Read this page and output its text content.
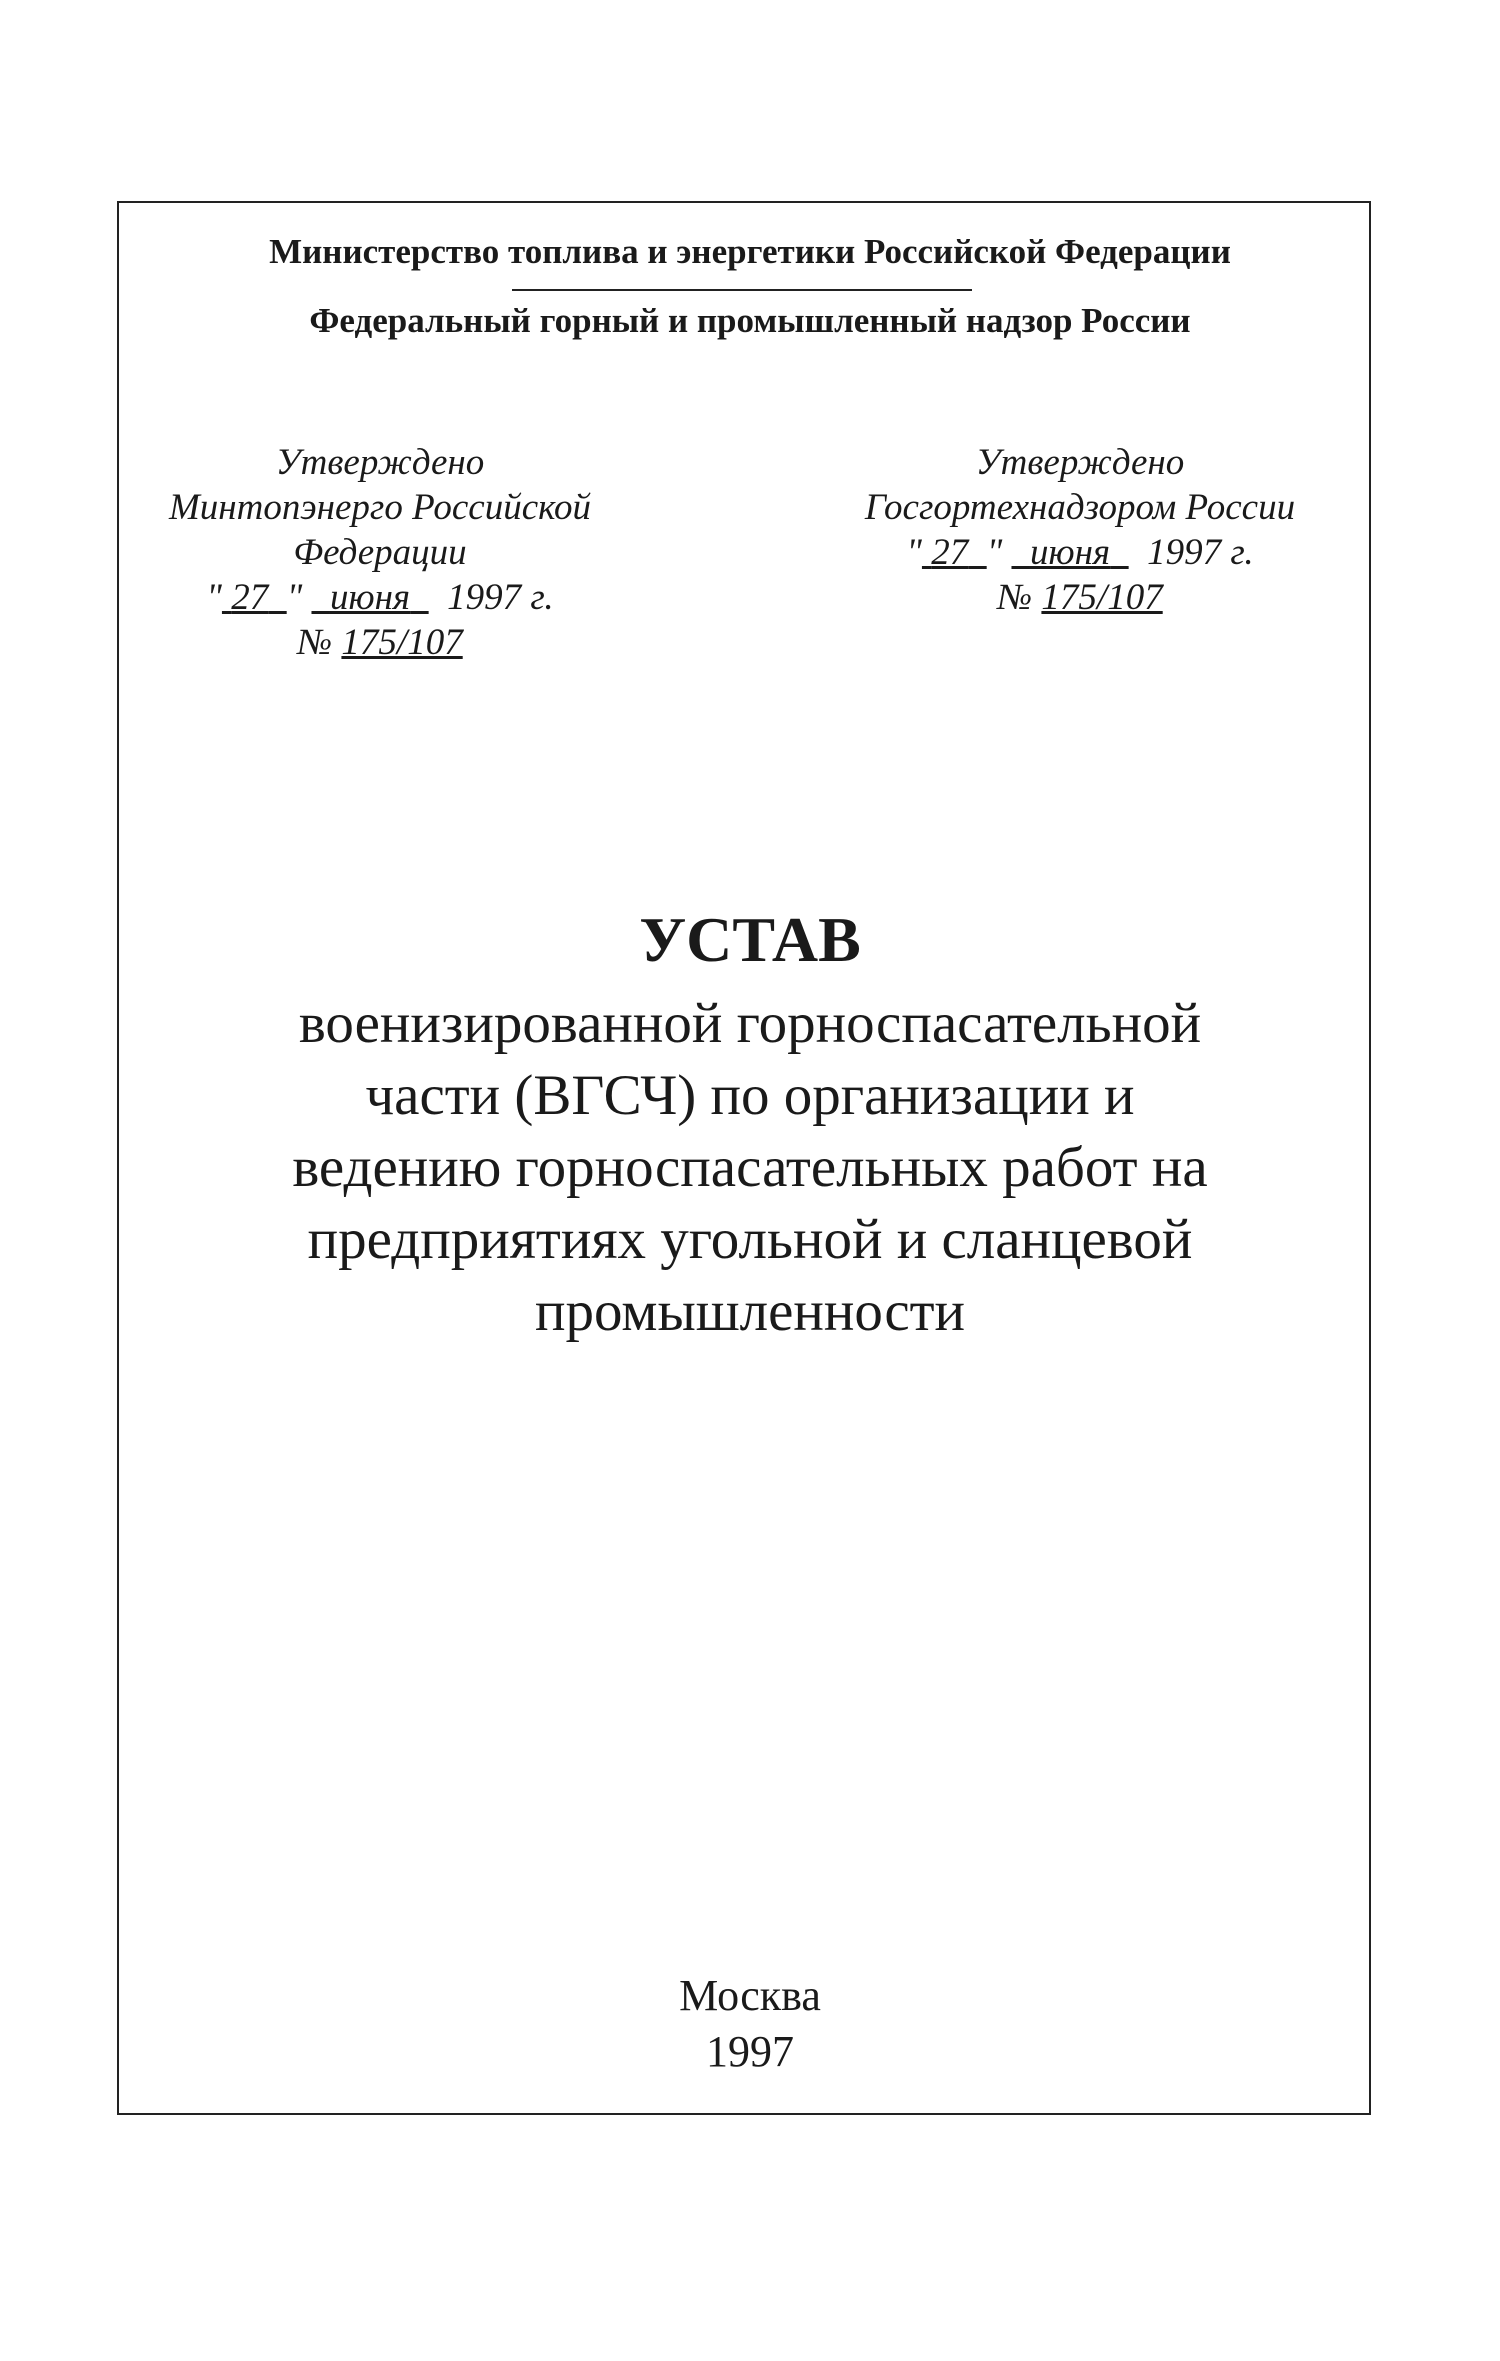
Министерство топлива и энергетики Российской Федерации
Федеральный горный и промышленный надзор России
Утверждено
Минтопэнерго Российской
Федерации
" 27 " июня 1997 г.
№ 175/107
Утверждено
Госгортехнадзором России
" 27 " июня 1997 г.
№ 175/107
УСТАВ
военизированной горноспасательной
части (ВГСЧ) по организации и
ведению горноспасательных работ на
предприятиях угольной и сланцевой
промышленности
Москва
1997
